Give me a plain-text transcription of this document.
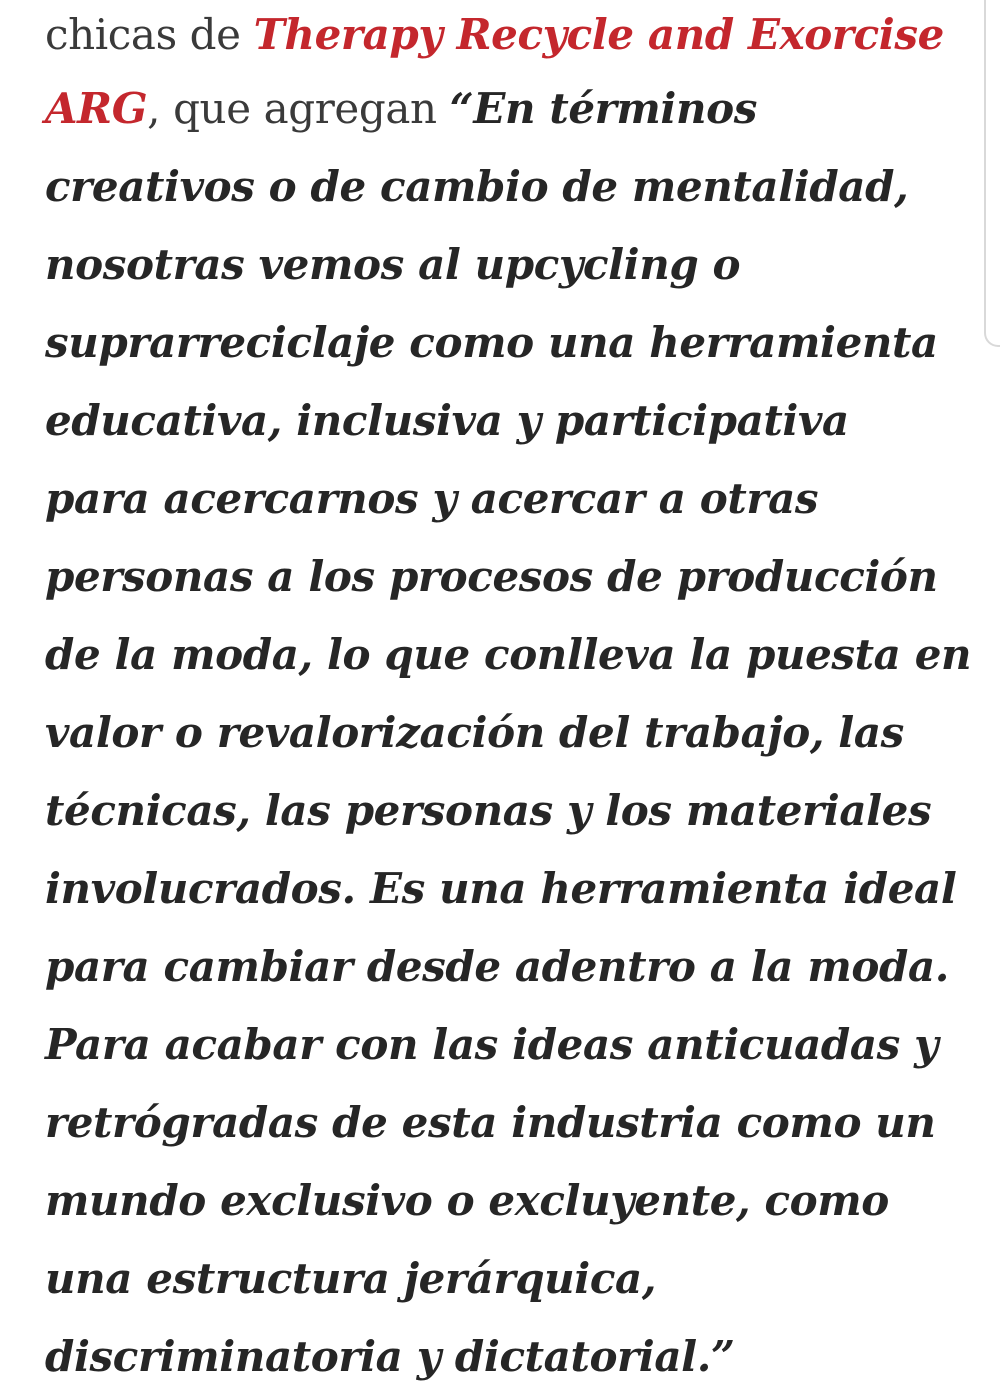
chicas de Therapy Recycle and Exorcise
ARG, que agregan “En términos
creativos o de cambio de mentalidad,
nosotras vemos al upcycling o
suprarreciclaje como una herramienta
educativa, inclusiva y participativa
para acercarnos y acercar a otras
personas a los procesos de producción
de la moda, lo que conlleva la puesta en
valor o revalorización del trabajo, las
técnicas, las personas y los materiales
involucrados. Es una herramienta ideal
para cambiar desde adentro a la moda.
Para acabar con las ideas anticuadas y
retrógradas de esta industria como un
mundo exclusivo o excluyente, como
una estructura jerárquica,
discriminatoria y dictatorial.”
